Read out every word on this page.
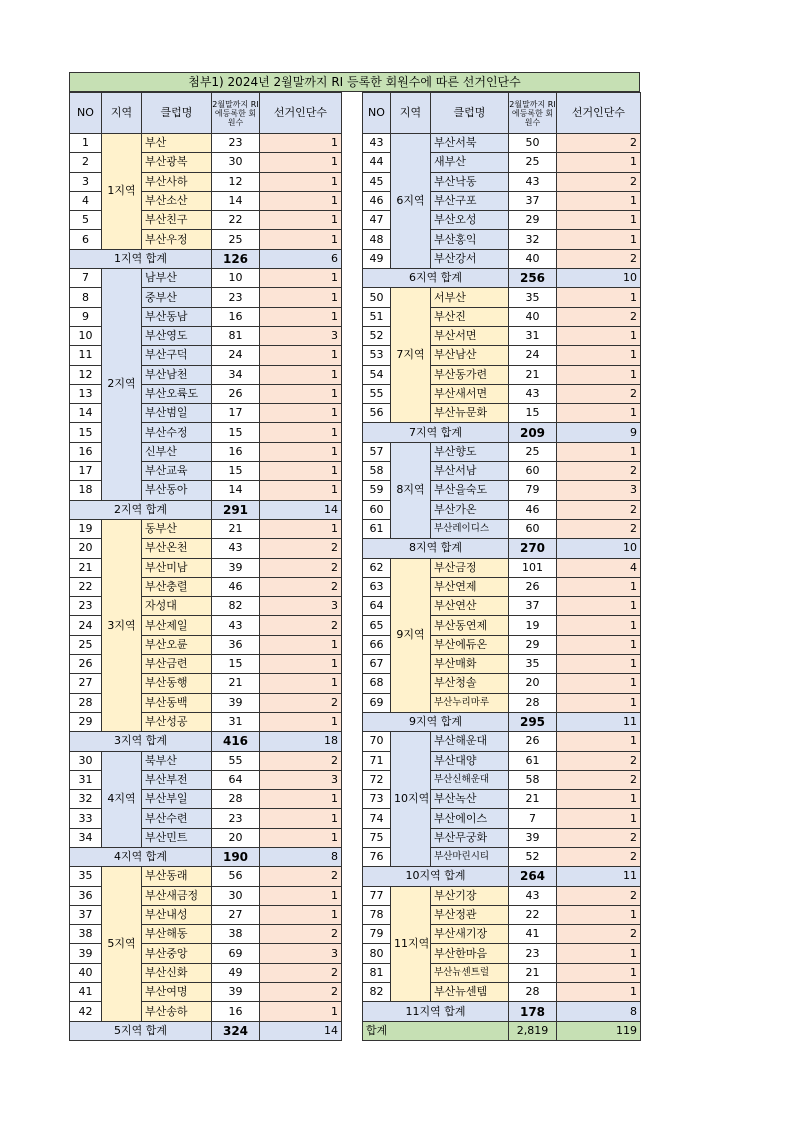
첨부1) 2024년 2월말까지 RI 등록한 회원수에 따른 선거인단수
NO	지역	클럽명	2월말까지 RI에등록한 회원수	선거인단수
1	1지역	부산	23	1
2		부산광복	30	1
3		부산사하	12	1
4		부산소산	14	1
5		부산친구	22	1
6		부산우정	25	1
1지역 합계			126	6
7	2지역	남부산	10	1
8		중부산	23	1
9		부산동남	16	1
10		부산영도	81	3
11		부산구덕	24	1
12		부산남천	34	1
13		부산오륙도	26	1
14		부산범일	17	1
15		부산수정	15	1
16		신부산	16	1
17		부산교육	15	1
18		부산동아	14	1
2지역 합계			291	14
19	3지역	동부산	21	1
20		부산온천	43	2
21		부산미남	39	2
22		부산충렬	46	2
23		자성대	82	3
24		부산제일	43	2
25		부산오륜	36	1
26		부산금련	15	1
27		부산동행	21	1
28		부산동백	39	2
29		부산성공	31	1
3지역 합계			416	18
30	4지역	북부산	55	2
31		부산부전	64	3
32		부산부일	28	1
33		부산수련	23	1
34		부산민트	20	1
4지역 합계			190	8
35	5지역	부산동래	56	2
36		부산새금정	30	1
37		부산내성	27	1
38		부산해동	38	2
39		부산중앙	69	3
40		부산신화	49	2
41		부산여명	39	2
42		부산송하	16	1
5지역 합계			324	14
NO	지역	클럽명	2월말까지 RI에등록한 회원수	선거인단수
43	6지역	부산서북	50	2
44		새부산	25	1
45		부산낙동	43	2
46		부산구포	37	1
47		부산오성	29	1
48		부산홍익	32	1
49		부산강서	40	2
6지역 합계			256	10
50	7지역	서부산	35	1
51		부산진	40	2
52		부산서면	31	1
53		부산남산	24	1
54		부산동가련	21	1
55		부산새서면	43	2
56		부산뉴문화	15	1
7지역 합계			209	9
57	8지역	부산향도	25	1
58		부산서남	60	2
59		부산을숙도	79	3
60		부산가온	46	2
61		부산레이디스	60	2
8지역 합계			270	10
62	9지역	부산금정	101	4
63		부산연제	26	1
64		부산연산	37	1
65		부산동연제	19	1
66		부산에듀온	29	1
67		부산매화	35	1
68		부산청솔	20	1
69		부산누리마루	28	1
9지역 합계			295	11
70	10지역	부산해운대	26	1
71		부산대양	61	2
72		부산신해운대	58	2
73		부산녹산	21	1
74		부산에이스	7	1
75		부산무궁화	39	2
76		부산마린시티	52	2
10지역 합계			264	11
77	11지역	부산기장	43	2
78		부산정관	22	1
79		부산새기장	41	2
80		부산한마음	23	1
81		부산뉴센트럴	21	1
82		부산뉴센템	28	1
11지역 합계			178	8
합계			2,819	119
